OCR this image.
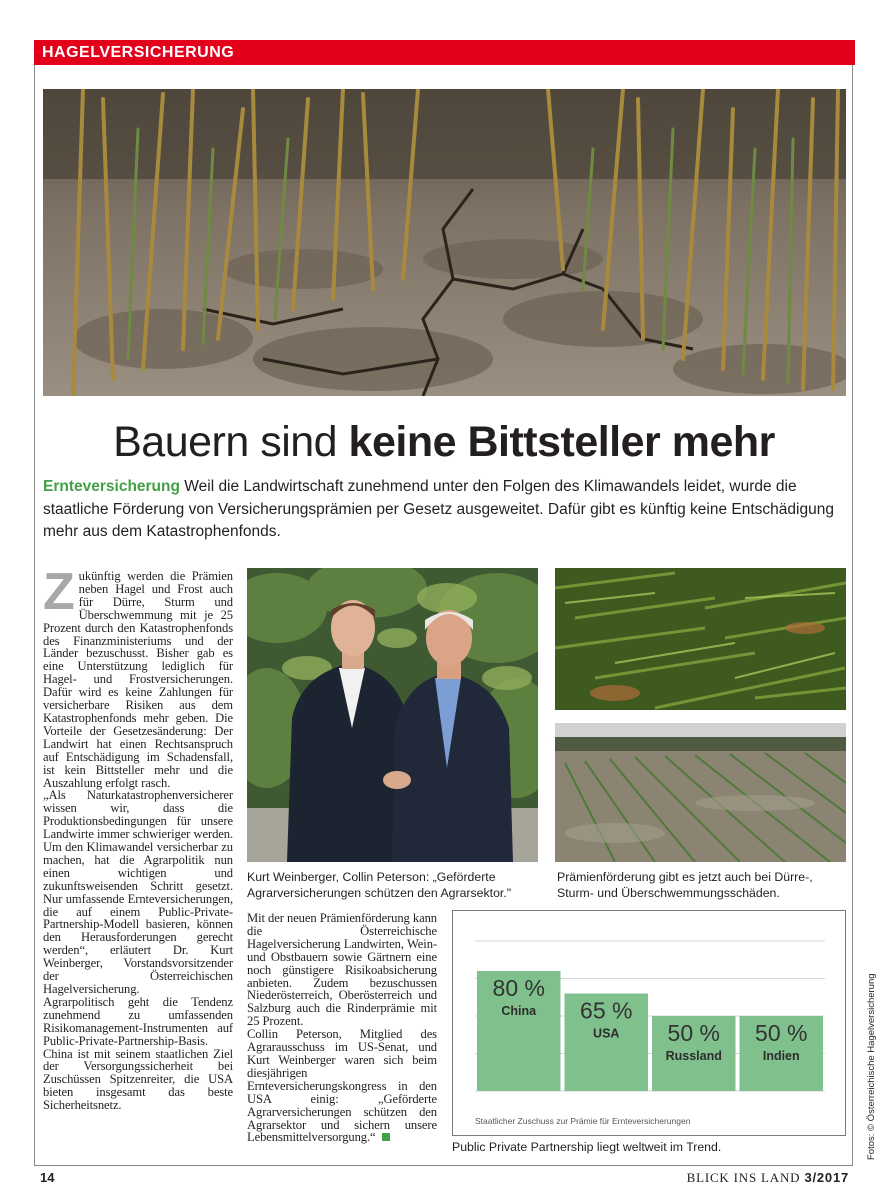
HAGELVERSICHERUNG
Bauern sind keine Bittsteller mehr
Ernteversicherung Weil die Landwirtschaft zunehmend unter den Folgen des Klimawandels leidet, wurde die staatliche Förderung von Versicherungsprämien per Gesetz ausgeweitet. Dafür gibt es künftig keine Entschädigung mehr aus dem Katastrophenfonds.

Zukünftig werden die Prämien neben Hagel und Frost auch für Dürre, Sturm und Überschwemmung mit je 25 Prozent durch den Katastrophenfonds des Finanzministeriums und der Länder bezuschusst. Bisher gab es eine Unterstützung lediglich für Hagel- und Frostversicherungen. Dafür wird es keine Zahlungen für versicherbare Risiken aus dem Katastrophenfonds mehr geben. Die Vorteile der Gesetzesänderung: Der Landwirt hat einen Rechtsanspruch auf Entschädigung im Schadensfall, ist kein Bittsteller mehr und die Auszahlung erfolgt rasch.

„Als Naturkatastrophenversicherer wissen wir, dass die Produktionsbedingungen für unsere Landwirte immer schwieriger werden. Um den Klimawandel versicherbar zu machen, hat die Agrarpolitik nun einen wichtigen und zukunftsweisenden Schritt gesetzt. Nur umfassende Ernteversicherungen, die auf einem Public-Private-Partnership-Modell basieren, können den Herausforderungen gerecht werden“, erläutert Dr. Kurt Weinberger, Vorstandsvorsitzender der Österreichischen Hagelversicherung.

Agrarpolitisch geht die Tendenz zunehmend zu umfassenden Risikomanagement-Instrumenten auf Public-Private-Partnership-Basis. China ist mit seinem staatlichen Ziel der Versorgungssicherheit bei Zuschüssen Spitzenreiter, die USA bieten insgesamt das beste Sicherheitsnetz.

Kurt Weinberger, Collin Peterson: „Geförderte Agrarversicherungen schützen den Agrarsektor."

Mit der neuen Prämienförderung kann die Österreichische Hagelversicherung Landwirten, Wein- und Obstbauern sowie Gärtnern eine noch günstigere Risikoabsicherung anbieten. Zudem bezuschussen Niederösterreich, Oberösterreich und Salzburg auch die Rinderprämie mit 25 Prozent.

Collin Peterson, Mitglied des Agrarausschuss im US-Senat, und Kurt Weinberger waren sich beim diesjährigen Ernteversicherungskongress in den USA einig: „Geförderte Agrarversicherungen schützen den Agrarsektor und sichern unsere Lebensmittelversorgung.“

Prämienförderung gibt es jetzt auch bei Dürre-, Sturm- und Überschwemmungsschäden.
80 %
China 65 %
USA 50 %
Russland
50 %
Indien
Staatlicher Zuschuss zur Prämie für Ernteversicherungen
Public Private Partnership liegt weltweit im Trend.	Fotos: © Österreichische Hagelversicherung
14	BLICK INS LAND 3/2017
